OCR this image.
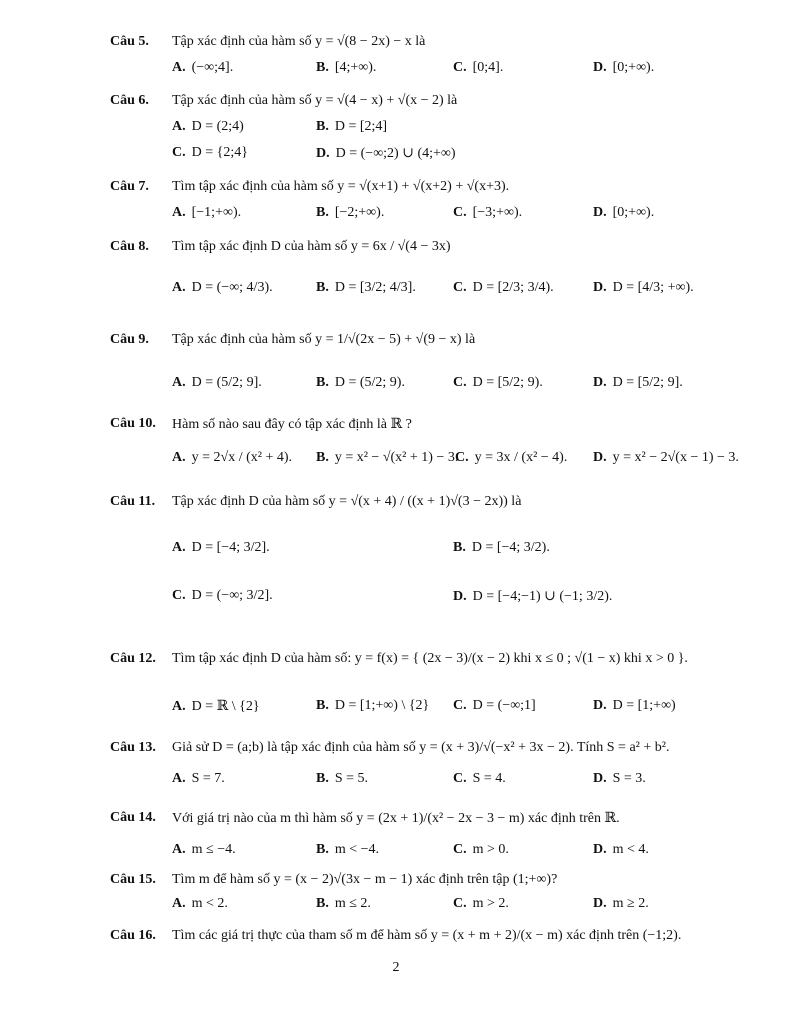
Câu 5. Tập xác định của hàm số y = √(8 − 2x) − x là
A. (−∞;4].	B. [4;+∞).	C. [0;4].	D. [0;+∞).
Câu 6. Tập xác định của hàm số y = √(4 − x) + √(x − 2) là
A. D = (2;4)	B. D = [2;4]
C. D = {2;4}	D. D = (−∞;2) ∪ (4;+∞)
Câu 7. Tìm tập xác định của hàm số y = √(x+1) + √(x+2) + √(x+3).
A. [−1;+∞).	B. [−2;+∞).	C. [−3;+∞).	D. [0;+∞).
Câu 8. Tìm tập xác định D của hàm số y = 6x / √(4 − 3x)
A. D = (−∞; 4/3).	B. D = [3/2; 4/3].	C. D = [2/3; 3/4).	D. D = [4/3; +∞).
Câu 9. Tập xác định của hàm số y = 1/√(2x − 5) + √(9 − x) là
A. D = (5/2; 9].	B. D = (5/2; 9).	C. D = [5/2; 9).	D. D = [5/2; 9].
Câu 10. Hàm số nào sau đây có tập xác định là ℝ ?
A. y = 2√x / (x² + 4). B. y = x² − √(x² + 1) − 3.
C. y = 3x / (x² − 4). D. y = x² − 2√(x − 1) − 3.
Câu 11. Tập xác định D của hàm số y = √(x + 4) / ((x + 1)√(3 − 2x)) là
A. D = [−4; 3/2].	B. D = [−4; 3/2).
C. D = (−∞; 3/2].	D. D = [−4;−1) ∪ (−1; 3/2).
Câu 12. Tìm tập xác định D của hàm số: y = f(x) = { (2x − 3)/(x − 2) khi x ≤ 0 ; √(1 − x) khi x > 0 }.
A. D = ℝ \ {2}	B. D = [1;+∞) \ {2} C. D = (−∞;1]	D. D = [1;+∞)
Câu 13. Giả sử D = (a;b) là tập xác định của hàm số y = (x + 3)/√(−x² + 3x − 2). Tính S = a² + b².
A. S = 7.	B. S = 5.	C. S = 4.	D. S = 3.
Câu 14. Với giá trị nào của m thì hàm số y = (2x + 1)/(x² − 2x − 3 − m) xác định trên ℝ.
A. m ≤ −4.	B. m < −4.	C. m > 0.	D. m < 4.
Câu 15. Tìm m để hàm số y = (x − 2)√(3x − m − 1) xác định trên tập (1;+∞)?
A. m < 2.	B. m ≤ 2.	C. m > 2.	D. m ≥ 2.
Câu 16. Tìm các giá trị thực của tham số m để hàm số y = (x + m + 2)/(x − m) xác định trên (−1;2).
2
